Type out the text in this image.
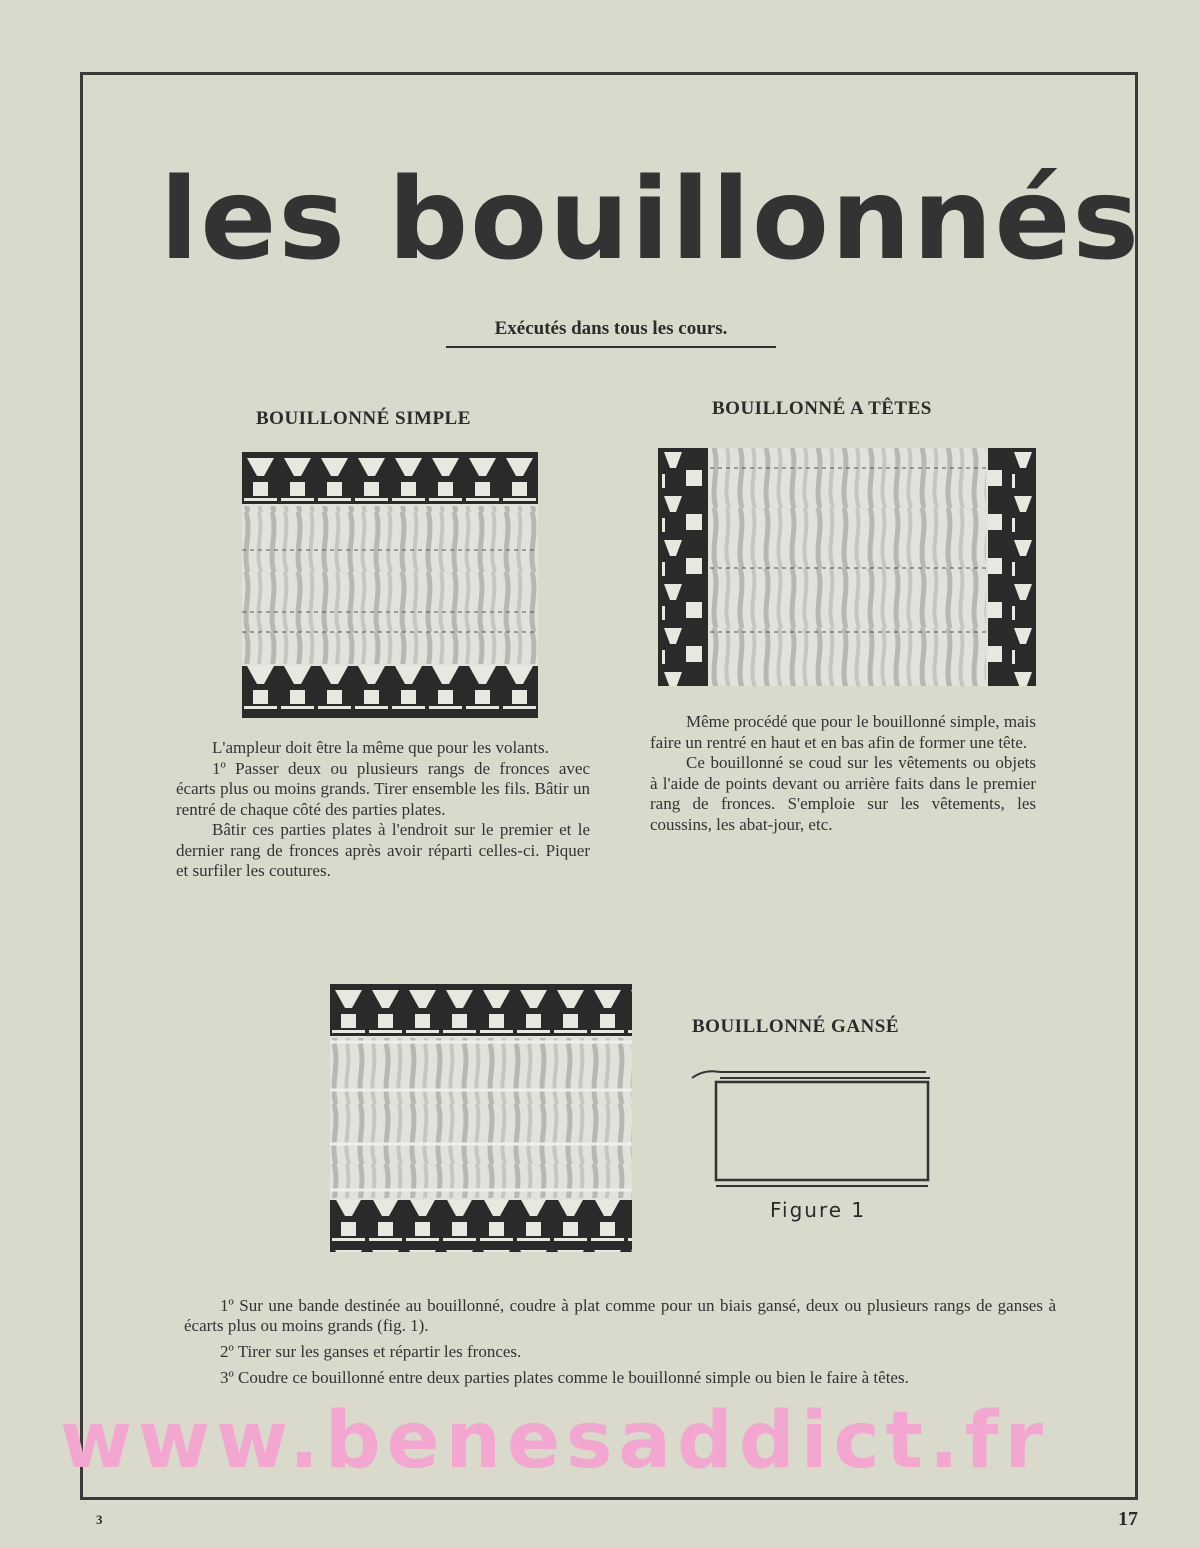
les bouillonnés
Exécutés dans tous les cours.
BOUILLONNÉ SIMPLE

L'ampleur doit être la même que pour les volants.

1º Passer deux ou plusieurs rangs de fronces avec écarts plus ou moins grands. Tirer ensemble les fils. Bâtir un rentré de chaque côté des parties plates.

Bâtir ces parties plates à l'endroit sur le premier et le dernier rang de fronces après avoir réparti celles-ci. Piquer et surfiler les coutures.

BOUILLONNÉ A TÊTES

Même procédé que pour le bouillonné simple, mais faire un rentré en haut et en bas afin de former une tête.

Ce bouillonné se coud sur les vêtements ou objets à l'aide de points devant ou arrière faits dans le premier rang de fronces. S'emploie sur les vêtements, les coussins, les abat-jour, etc.

BOUILLONNÉ GANSÉ
Figure 1

1º Sur une bande destinée au bouillonné, coudre à plat comme pour un biais gansé, deux ou plusieurs rangs de ganses à écarts plus ou moins grands (fig. 1).

2º Tirer sur les ganses et répartir les fronces.

3º Coudre ce bouillonné entre deux parties plates comme le bouillonné simple ou bien le faire à têtes.

www.benesaddict.fr
3	17
